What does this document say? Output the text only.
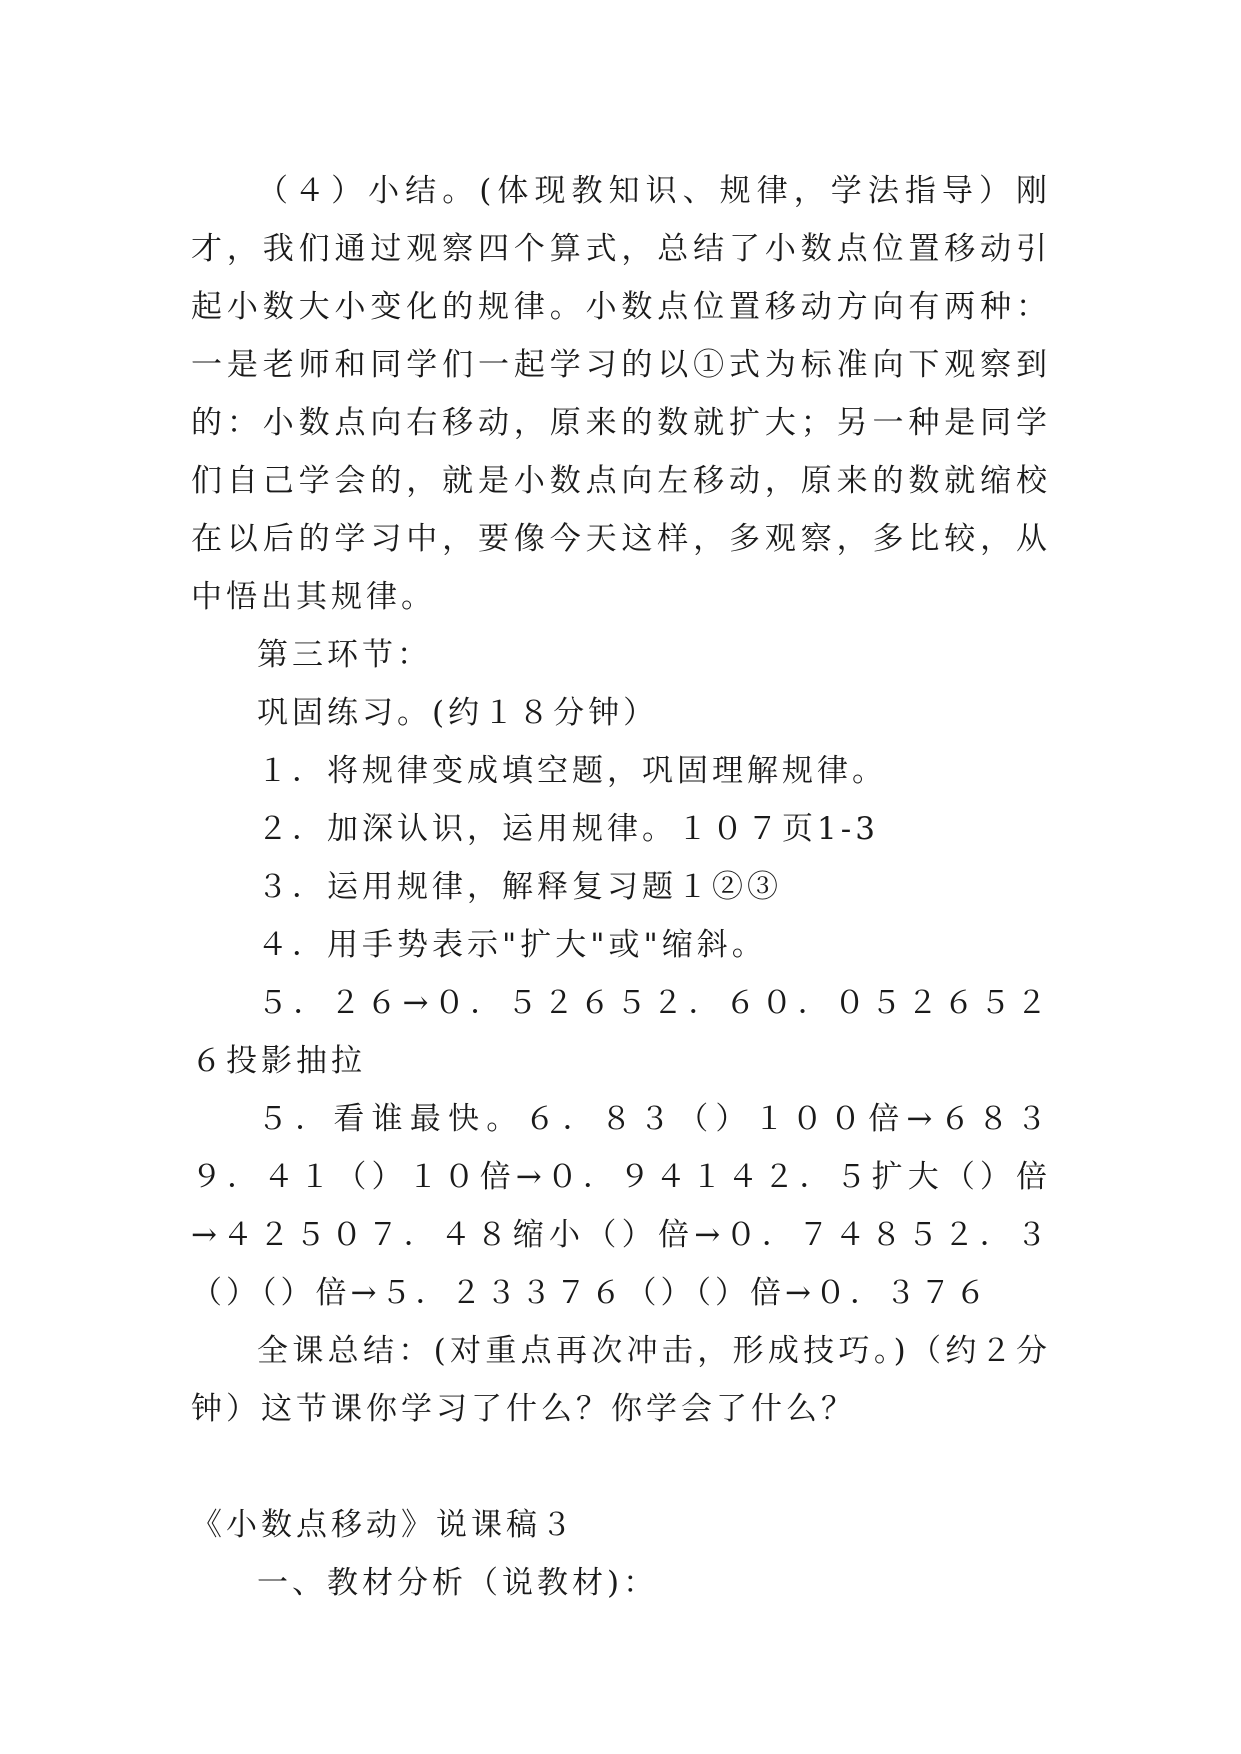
（４）小结。(体现教知识、规律，学法指导）刚才，我们通过观察四个算式，总结了小数点位置移动引起小数大小变化的规律。小数点位置移动方向有两种：一是老师和同学们一起学习的以①式为标准向下观察到的：小数点向右移动，原来的数就扩大；另一种是同学们自己学会的，就是小数点向左移动，原来的数就缩校在以后的学习中，要像今天这样，多观察，多比较，从中悟出其规律。

第三环节：

巩固练习。(约１８分钟）

１．将规律变成填空题，巩固理解规律。

２．加深认识，运用规律。１０７页1-3

３．运用规律，解释复习题１②③

４．用手势表示"扩大"或"缩斜。

５．２６→０．５２６５２．６０．０５２６５２６投影抽拉

５．看谁最快。６．８３（）１００倍→６８３９．４１（）１０倍→０．９４１４２．５扩大（）倍→４２５０７．４８缩小（）倍→０．７４８５２．３（）（）倍→５．２３３７６（）（）倍→０．３７６

全课总结：(对重点再次冲击，形成技巧。)（约２分钟）这节课你学习了什么？你学会了什么？

《小数点移动》说课稿３

一、教材分析（说教材)：
